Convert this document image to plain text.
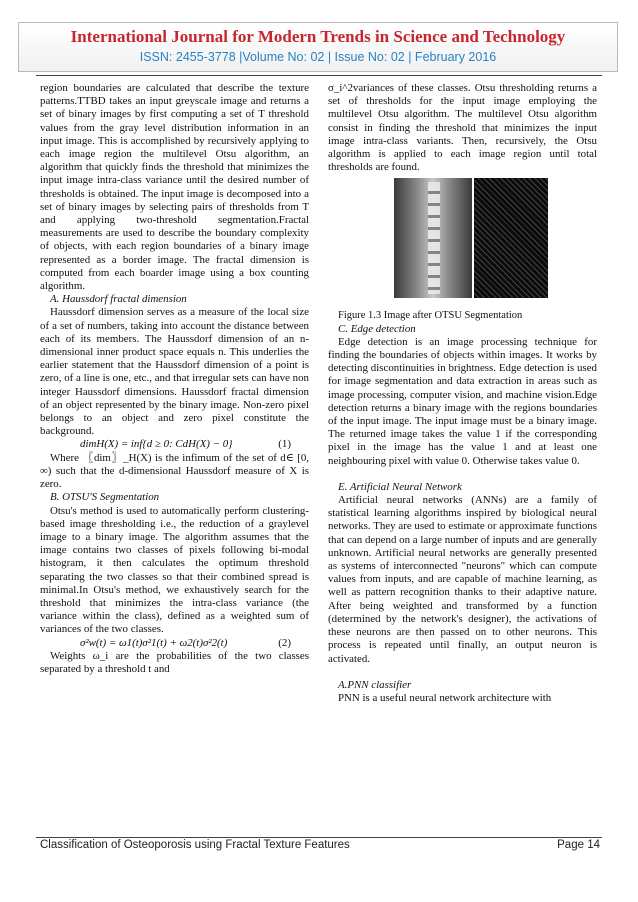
International Journal for Modern Trends in Science and Technology
ISSN: 2455-3778 |Volume No: 02 | Issue No: 02 | February 2016

region boundaries are calculated that describe the texture patterns.TTBD takes an input greyscale image and returns a set of binary images by first computing a set of T threshold values from the gray level distribution information in an input image. This is accomplished by recursively applying to each image region the multilevel Otsu algorithm, an algorithm that quickly finds the threshold that minimizes the input image intra-class variance until the desired number of thresholds is obtained. The input image is decomposed into a set of binary images by selecting pairs of thresholds from T and applying two-threshold segmentation.Fractal measurements are used to describe the boundary complexity of objects, with each region boundaries of a binary image represented as a border image. The fractal dimension is computed from each boarder image using a box counting algorithm.

A. Haussdorf fractal dimension

Haussdorf dimension serves as a measure of the local size of a set of numbers, taking into account the distance between each of its members. The Haussdorf dimension of an n-dimensional inner product space equals n. This underlies the earlier statement that the Haussdorf dimension of a point is zero, of a line is one, etc., and that irregular sets can have non integer Haussdorf dimensions. Haussdorf fractal dimension of an object represented by the binary image. Non-zero pixel belongs to an object and zero pixel constitute the background.

dimH(X) = inf{d ≥ 0: CdH(X) − 0}	(1)

Where 〖dim〗_H(X) is the infimum of the set of d∈ [0, ∞) such that the d-dimensional Haussdorf measure of X is zero.

B. OTSU'S Segmentation

Otsu's method is used to automatically perform clustering-based image thresholding i.e., the reduction of a graylevel image to a binary image. The algorithm assumes that the image contains two classes of pixels following bi-modal histogram, it then calculates the optimum threshold separating the two classes so that their combined spread is minimal.In Otsu's method, we exhaustively search for the threshold that minimizes the intra-class variance (the variance within the class), defined as a weighted sum of variances of the two classes.

σ²w(t) = ω1(t)σ²1(t) + ω2(t)σ²2(t)	(2)

Weights ω_i are the probabilities of the two classes separated by a threshold t and

σ_i^2variances of these classes. Otsu thresholding returns a set of thresholds for the input image employing the multilevel Otsu algorithm. The multilevel Otsu algorithm consist in finding the threshold that minimizes the input image intra-class variants. Then, recursively, the Otsu algorithm is applied to each image region until total thresholds are found.

Figure 1.3 Image after OTSU Segmentation

C. Edge detection

Edge detection is an image processing technique for finding the boundaries of objects within images. It works by detecting discontinuities in brightness. Edge detection is used for image segmentation and data extraction in areas such as image processing, computer vision, and machine vision.Edge detection returns a binary image with the regions boundaries of the input image. The input image must be a binary image. The returned image takes the value 1 if the corresponding pixel in the image has the value 1 and at least one neighbouring pixel with value 0. Otherwise takes value 0.

E. Artificial Neural Network

Artificial neural networks (ANNs) are a family of statistical learning algorithms inspired by biological neural networks. They are used to estimate or approximate functions that can depend on a large number of inputs and are generally unknown. Artificial neural networks are generally presented as systems of interconnected "neurons" which can compute values from inputs, and are capable of machine learning, as well as pattern recognition thanks to their adaptive nature. After being weighted and transformed by a function (determined by the network's designer), the activations of these neurons are then passed on to other neurons. This process is repeated until finally, an output neuron is activated.

A.PNN classifier

PNN is a useful neural network architecture with

Classification of Osteoporosis using Fractal Texture Features	Page 14
